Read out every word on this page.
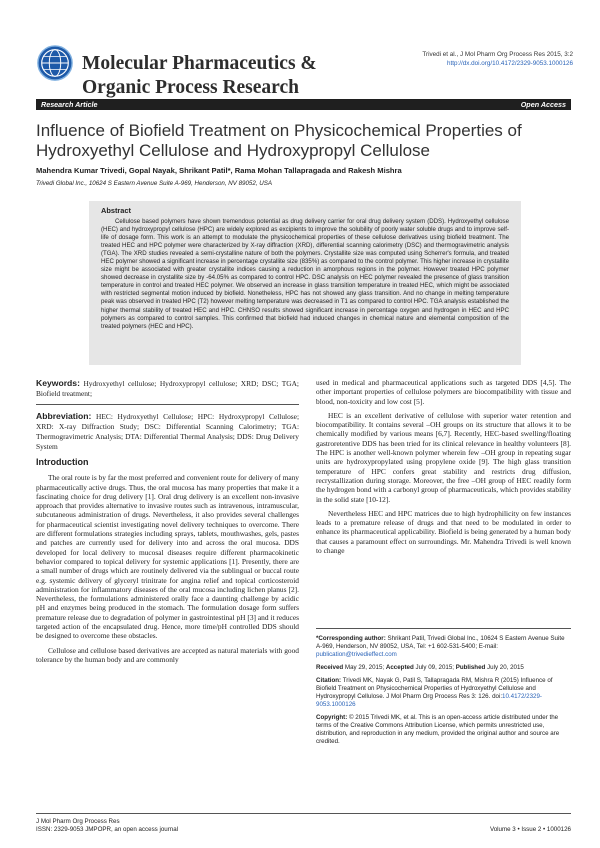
Molecular Pharmaceutics &
Organic Process Research
Trivedi et al., J Mol Pharm Org Process Res 2015, 3:2
http://dx.doi.org/10.4172/2329-9053.1000126
Research Article	Open Access
Influence of Biofield Treatment on Physicochemical Properties of Hydroxyethyl Cellulose and Hydroxypropyl Cellulose
Mahendra Kumar Trivedi, Gopal Nayak, Shrikant Patil*, Rama Mohan Tallapragada and Rakesh Mishra
Trivedi Global Inc., 10624 S Eastern Avenue Suite A-969, Henderson, NV 89052, USA
Abstract

Cellulose based polymers have shown tremendous potential as drug delivery carrier for oral drug delivery system (DDS). Hydroxyethyl cellulose (HEC) and hydroxypropyl cellulose (HPC) are widely explored as excipients to improve the solubility of poorly water soluble drugs and to improve self-life of dosage form. This work is an attempt to modulate the physicochemical properties of these cellulose derivatives using biofield treatment. The treated HEC and HPC polymer were characterized by X-ray diffraction (XRD), differential scanning calorimetry (DSC) and thermogravimetric analysis (TGA). The XRD studies revealed a semi-crystalline nature of both the polymers. Crystallite size was computed using Scherrer's formula, and treated HEC polymer showed a significant increase in percentage crystallite size (835%) as compared to the control polymer. This higher increase in crystallite size might be associated with greater crystallite indices causing a reduction in amorphous regions in the polymer. However treated HPC polymer showed decrease in crystallite size by -64.05% as compared to control HPC. DSC analysis on HEC polymer revealed the presence of glass transition temperature in control and treated HEC polymer. We observed an increase in glass transition temperature in treated HEC, which might be associated with restricted segmental motion induced by biofield. Nonetheless, HPC has not showed any glass transition. And no change in melting temperature peak was observed in treated HPC (T2) however melting temperature was decreased in T1 as compared to control HPC. TGA analysis established the higher thermal stability of treated HEC and HPC. CHNSO results showed significant increase in percentage oxygen and hydrogen in HEC and HPC polymers as compared to control samples. This confirmed that biofield had induced changes in chemical nature and elemental composition of the treated polymers (HEC and HPC).

Keywords: Hydroxyethyl cellulose; Hydroxypropyl cellulose; XRD; DSC; TGA; Biofield treatment;

Abbreviation: HEC: Hydroxyethyl Cellulose; HPC: Hydroxypropyl Cellulose; XRD: X-ray Diffraction Study; DSC: Differential Scanning Calorimetry; TGA: Thermogravimetric Analysis; DTA: Differential Thermal Analysis; DDS: Drug Delivery System

Introduction

The oral route is by far the most preferred and convenient route for delivery of many pharmaceutically active drugs. Thus, the oral mucosa has many properties that make it a fascinating choice for drug delivery [1]. Oral drug delivery is an excellent non-invasive approach that provides alternative to invasive routes such as intravenous, intramuscular, subcutaneous administration of drugs. Nevertheless, it also provides several challenges for pharmaceutical scientist investigating novel delivery techniques to overcome. There are different formulations strategies including sprays, tablets, mouthwashes, gels, pastes and patches are currently used for delivery into and across the oral mucosa. DDS developed for local delivery to mucosal diseases require different pharmacokinetic behavior compared to topical delivery for systemic applications [1]. Presently, there are a small number of drugs which are routinely delivered via the sublingual or buccal route e.g. systemic delivery of glyceryl trinitrate for angina relief and topical corticosteroid administration for inflammatory diseases of the oral mucosa including lichen planus [2]. Nevertheless, the formulations administered orally face a daunting challenge by acidic pH and enzymes being produced in the stomach. The formulation dosage form suffers premature release due to degradation of polymer in gastrointestinal pH [3] and it reduces targeted action of the encapsulated drug. Hence, more time/pH controlled DDS should be designed to overcome these obstacles.

Cellulose and cellulose based derivatives are accepted as natural materials with good tolerance by the human body and are commonly

used in medical and pharmaceutical applications such as targeted DDS [4,5]. The other important properties of cellulose polymers are biocompatibility with tissue and blood, non-toxicity and low cost [5].

HEC is an excellent derivative of cellulose with superior water retention and biocompatibility. It contains several –OH groups on its structure that allows it to be chemically modified by various means [6,7]. Recently, HEC-based swelling/floating gastroretentive DDS has been tried for its clinical relevance in healthy volunteers [8]. The HPC is another well-known polymer wherein few –OH group in repeating sugar units are hydroxypropylated using propylene oxide [9]. The high glass transition temperature of HPC confers great stability and restricts drug diffusion, recrystallization during storage. Moreover, the free –OH group of HEC readily form the hydrogen bond with a carbonyl group of pharmaceuticals, which provides stability in the solid state [10-12].

Nevertheless HEC and HPC matrices due to high hydrophilicity on few instances leads to a premature release of drugs and that need to be modulated in order to enhance its pharmaceutical applicability. Biofield is being generated by a human body that causes a paramount effect on surroundings. Mr. Mahendra Trivedi is well known to change

*Corresponding author: Shrikant Patil, Trivedi Global Inc., 10624 S Eastern Avenue Suite A-969, Henderson, NV 89052, USA, Tel: +1 602-531-5400; E-mail: publication@trivedieffect.com

Received May 29, 2015; Accepted July 09, 2015; Published July 20, 2015

Citation: Trivedi MK, Nayak G, Patil S, Tallapragada RM, Mishra R (2015) Influence of Biofield Treatment on Physicochemical Properties of Hydroxyethyl Cellulose and Hydroxypropyl Cellulose. J Mol Pharm Org Process Res 3: 126. doi:10.4172/2329-9053.1000126

Copyright: © 2015 Trivedi MK, et al. This is an open-access article distributed under the terms of the Creative Commons Attribution License, which permits unrestricted use, distribution, and reproduction in any medium, provided the original author and source are credited.

J Mol Pharm Org Process Res
ISSN: 2329-9053 JMPOPR, an open access journal	Volume 3 • Issue 2 • 1000126
